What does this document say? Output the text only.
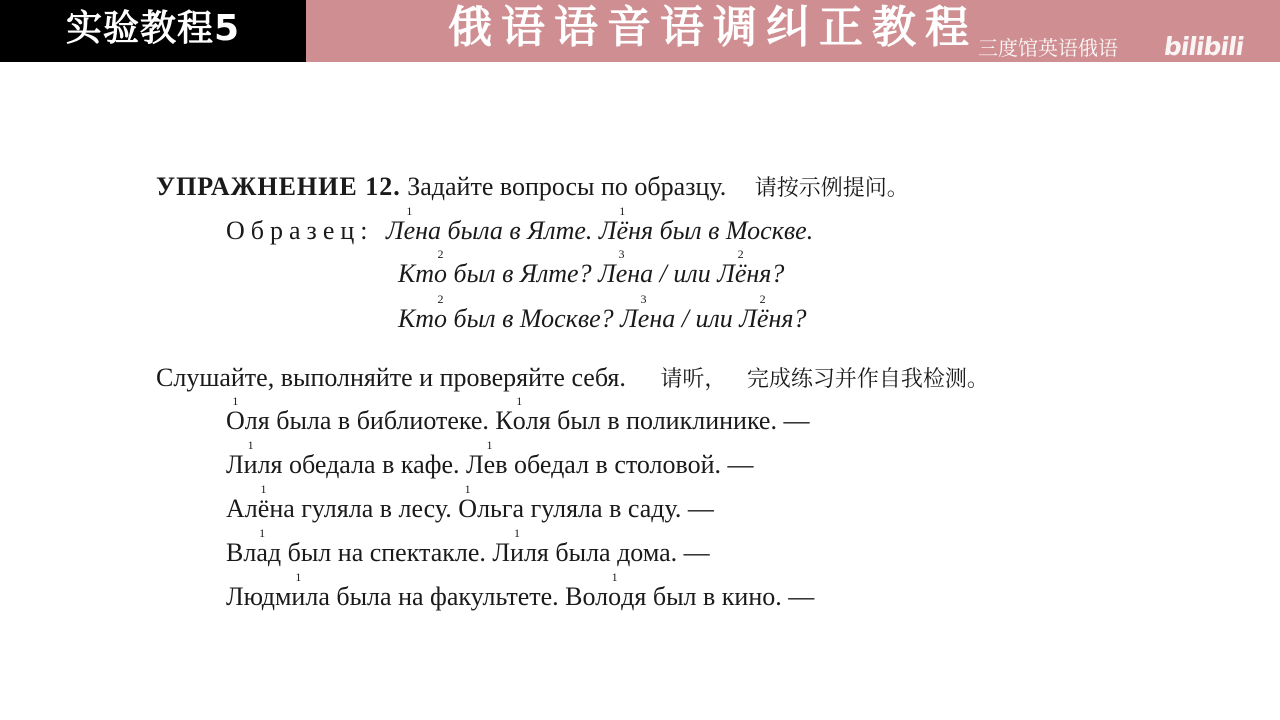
实验教程5	俄语语音语调纠正教程 三度馆英语俄语 bilibili
УПРАЖНЕНИЕ 12. Задайте вопросы по образцу. 请按示例提问。
Образец: Л1 ена была в Ялте. Л1 ёня был в Москве.
Кт2 о был в Ялте? Л3 ена / или Л2 ёня?
Кт2 о был в Москве? Л3 ена / или Л2 ёня?
Слушайте, выполняйте и проверяйте себя. 请听， 完成练习并作自我检测。
1 Оля была в библиотеке. К1 оля был в поликлинике. —
Л1 иля обедала в кафе. Л1 ев обедал в столовой. —
Ал1 ёна гуляла в лесу. 1 Ольга гуляла в саду. —
Вл1 ад был на спектакле. Л1 иля была дома. —
Людм1 ила была на факультете. Вол1 одя был в кино. —
